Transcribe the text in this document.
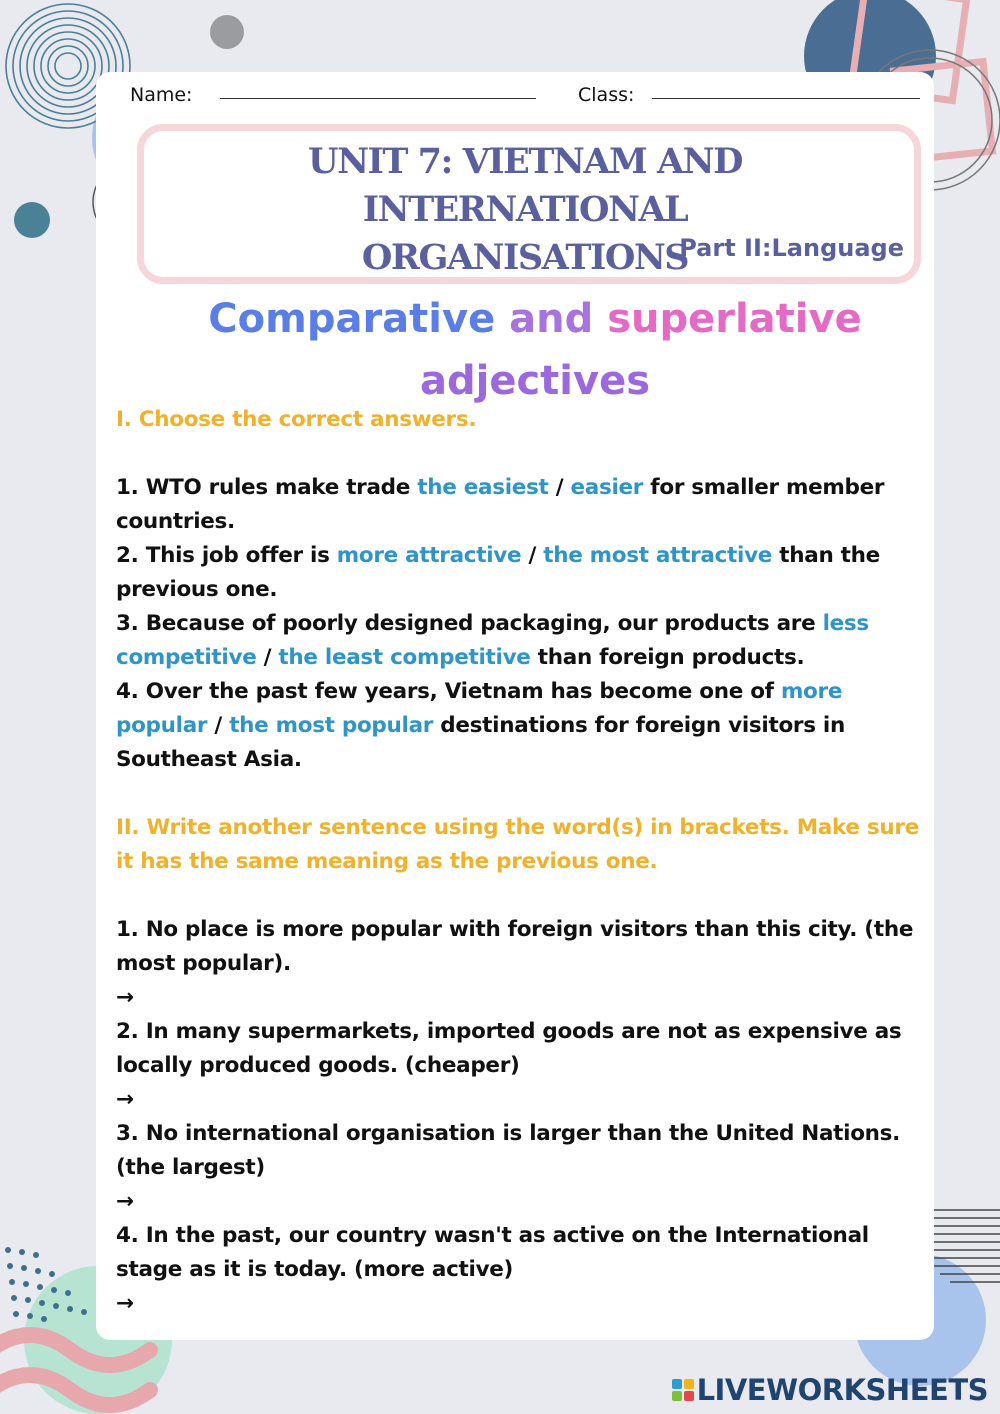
Name:	Class:
UNIT 7: VIETNAM AND INTERNATIONAL
ORGANISATIONS
Part II:Language
Comparative and superlative
adjectives

I. Choose the correct answers.

1. WTO rules make trade the easiest / easier for smaller member countries.

2. This job offer is more attractive / the most attractive than the previous one.

3. Because of poorly designed packaging, our products are less competitive / the least competitive than foreign products.

4. Over the past few years, Vietnam has become one of more popular / the most popular destinations for foreign visitors in Southeast Asia.

II. Write another sentence using the word(s) in brackets. Make sure it has the same meaning as the previous one.

1. No place is more popular with foreign visitors than this city. (the most popular).

→

2. In many supermarkets, imported goods are not as expensive as locally produced goods. (cheaper)

→

3. No international organisation is larger than the United Nations. (the largest)

→

4. In the past, our country wasn't as active on the International stage as it is today. (more active)

→

LIVEWORKSHEETS
